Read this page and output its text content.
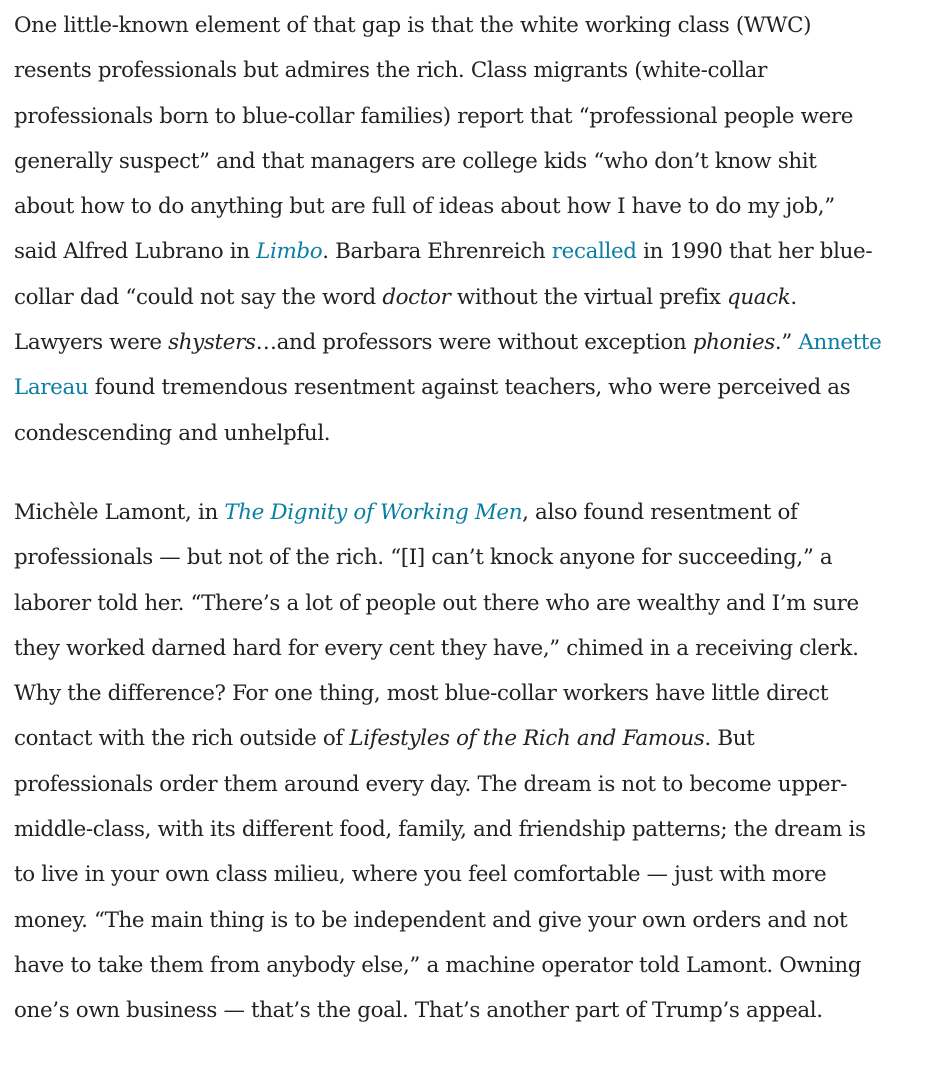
One little-known element of that gap is that the white working class (WWC)
resents professionals but admires the rich. Class migrants (white-collar
professionals born to blue-collar families) report that “professional people were
generally suspect” and that managers are college kids “who don’t know shit
about how to do anything but are full of ideas about how I have to do my job,”
said Alfred Lubrano in Limbo. Barbara Ehrenreich recalled in 1990 that her blue-
collar dad “could not say the word doctor without the virtual prefix quack.
Lawyers were shysters…and professors were without exception phonies.” Annette
Lareau found tremendous resentment against teachers, who were perceived as
condescending and unhelpful.

Michèle Lamont, in The Dignity of Working Men, also found resentment of
professionals — but not of the rich. “[I] can’t knock anyone for succeeding,” a
laborer told her. “There’s a lot of people out there who are wealthy and I’m sure
they worked darned hard for every cent they have,” chimed in a receiving clerk.
Why the difference? For one thing, most blue-collar workers have little direct
contact with the rich outside of Lifestyles of the Rich and Famous. But
professionals order them around every day. The dream is not to become upper-
middle-class, with its different food, family, and friendship patterns; the dream is
to live in your own class milieu, where you feel comfortable — just with more
money. “The main thing is to be independent and give your own orders and not
have to take them from anybody else,” a machine operator told Lamont. Owning
one’s own business — that’s the goal. That’s another part of Trump’s appeal.
